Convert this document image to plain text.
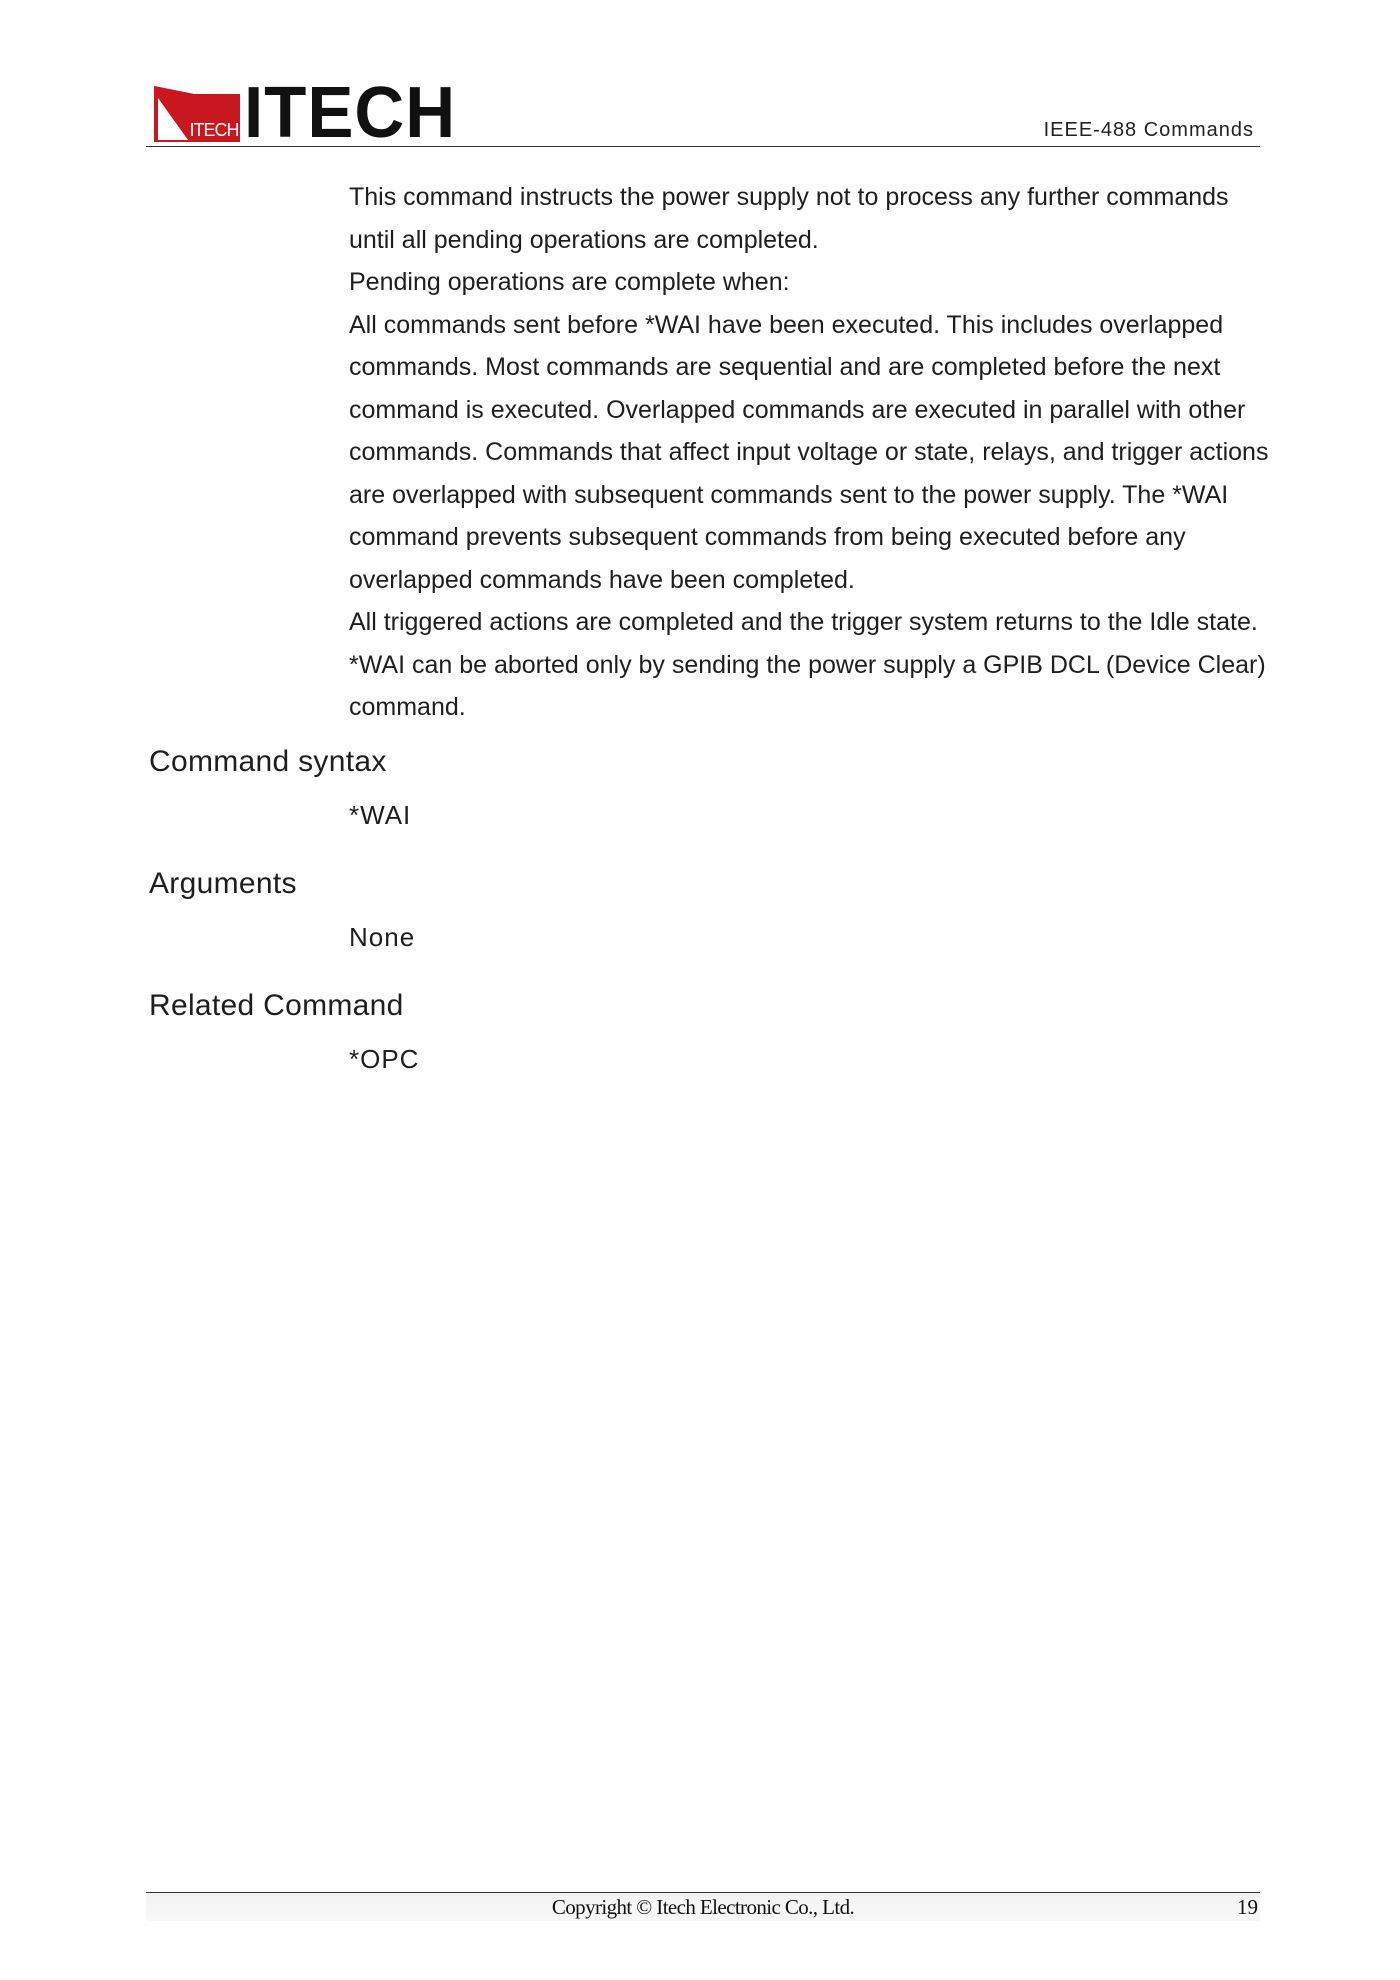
ITECH ITECH	IEEE-488 Commands

This command instructs the power supply not to process any further commands until all pending operations are completed.

Pending operations are complete when:

All commands sent before *WAI have been executed. This includes overlapped commands. Most commands are sequential and are completed before the next command is executed. Overlapped commands are executed in parallel with other commands. Commands that affect input voltage or state, relays, and trigger actions are overlapped with subsequent commands sent to the power supply. The *WAI command prevents subsequent commands from being executed before any overlapped commands have been completed.

All triggered actions are completed and the trigger system returns to the Idle state. *WAI can be aborted only by sending the power supply a GPIB DCL (Device Clear) command.

Command syntax
*WAI
Arguments
None
Related Command
*OPC
Copyright © Itech Electronic Co., Ltd.	19
